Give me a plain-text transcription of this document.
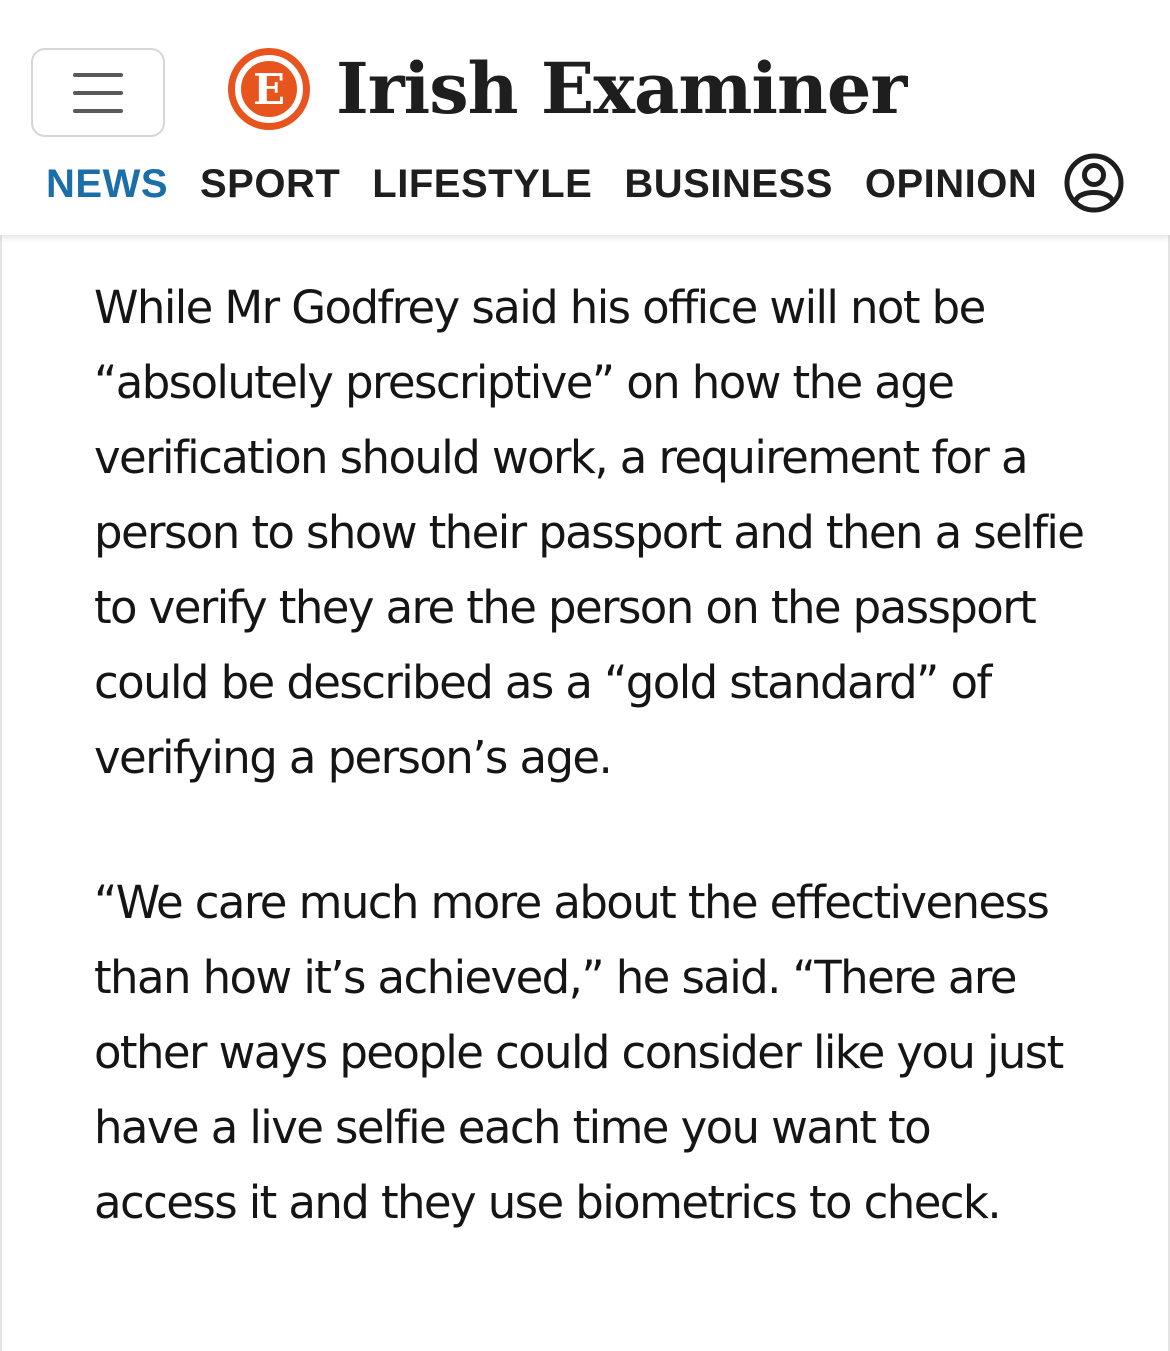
E Irish Examiner
NEWS SPORT LIFESTYLE BUSINESS OPINION

While Mr Godfrey said his office will not be “absolutely prescriptive” on how the age verification should work, a requirement for a person to show their passport and then a selfie to verify they are the person on the passport could be described as a “gold standard” of verifying a person’s age.

“We care much more about the effectiveness than how it’s achieved,” he said. “There are other ways people could consider like you just have a live selfie each time you want to access it and they use biometrics to check.
